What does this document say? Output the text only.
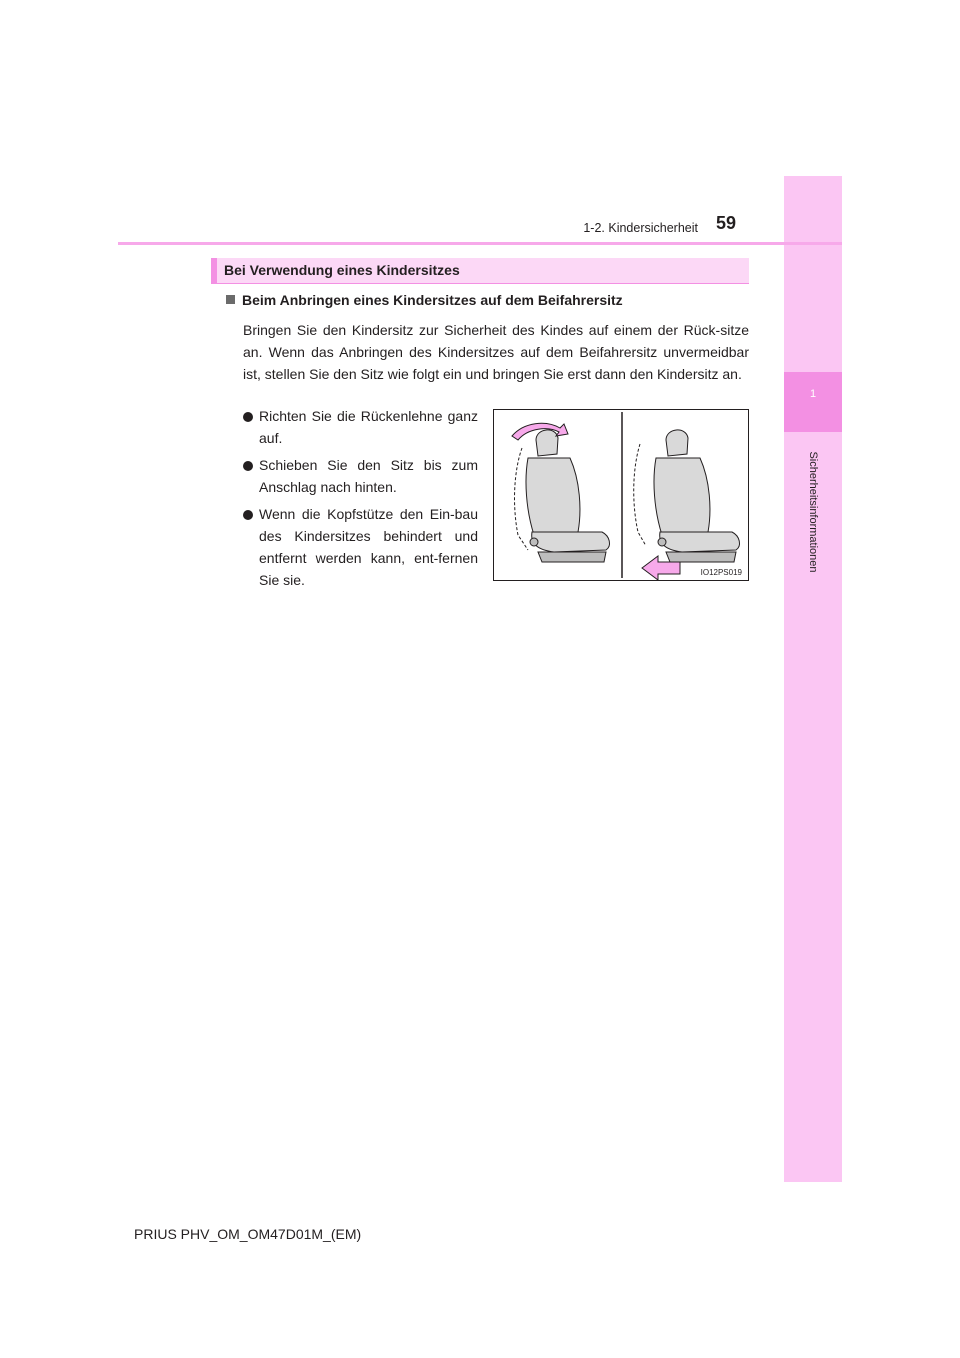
1
Sicherheitsinformationen
1-2. Kindersicherheit 59
Bei Verwendung eines Kindersitzes
Beim Anbringen eines Kindersitzes auf dem Beifahrersitz
Bringen Sie den Kindersitz zur Sicherheit des Kindes auf einem der Rück-sitze an. Wenn das Anbringen des Kindersitzes auf dem Beifahrersitz unvermeidbar ist, stellen Sie den Sitz wie folgt ein und bringen Sie erst dann den Kindersitz an.
Richten Sie die Rückenlehne ganz auf.
Schieben Sie den Sitz bis zum Anschlag nach hinten.
Wenn die Kopfstütze den Ein-bau des Kindersitzes behindert und entfernt werden kann, ent-fernen Sie sie.	IO12PS019
PRIUS PHV_OM_OM47D01M_(EM)
